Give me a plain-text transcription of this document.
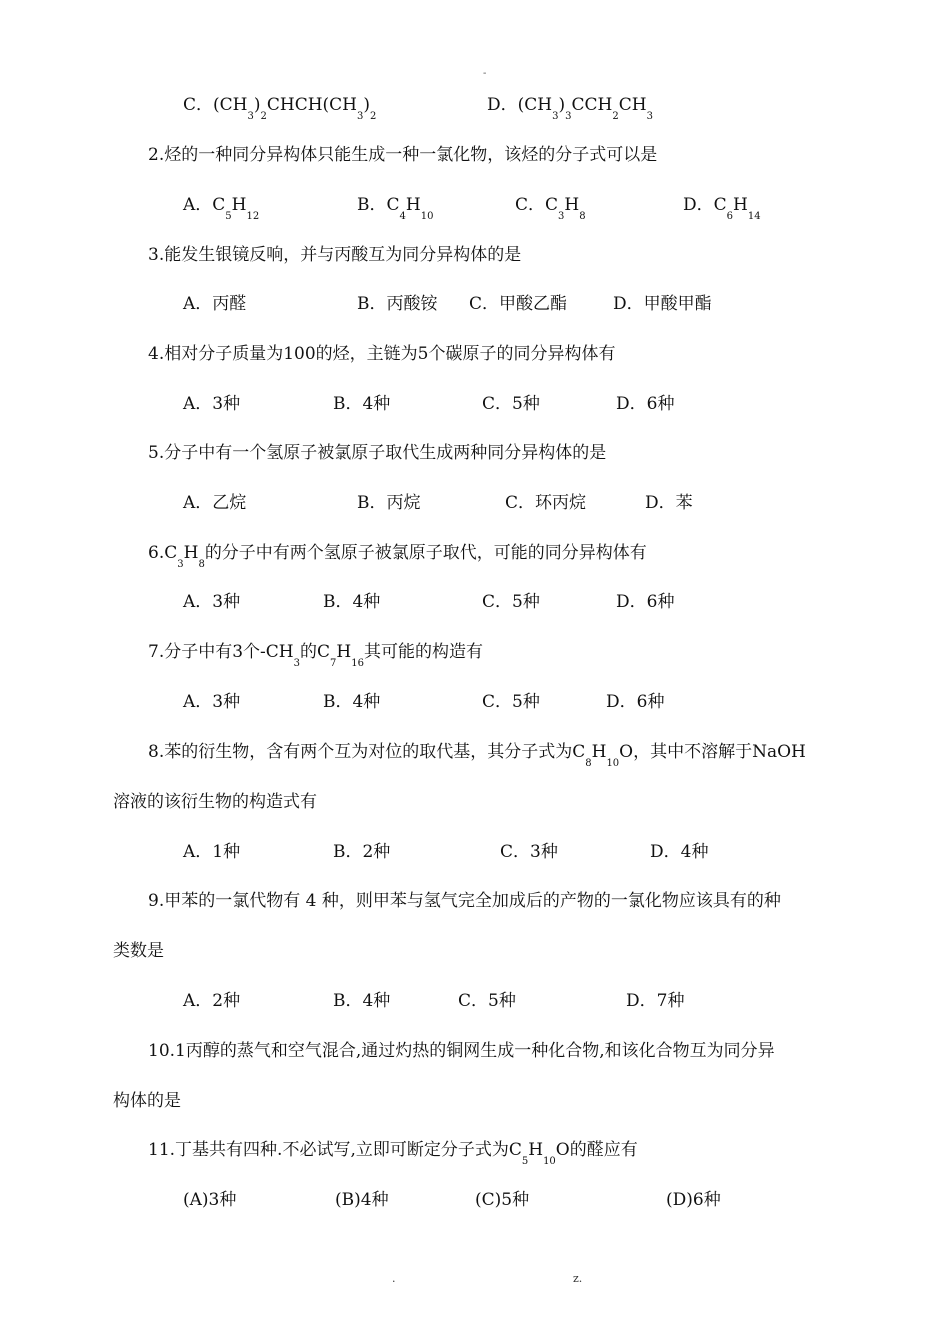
-
C．$(CH_3)_2CHCH(CH_3)_2$
D．$(CH_3)_3CCH_2CH_3$
2.烃的一种同分异构体只能生成一种一氯化物，该烃的分子式可以是
A．$C_5H_{12}$
B．$C_4H_{10}$
C．$C_3H_8$
D．$C_6H_{14}$
3.能发生银镜反响，并与丙酸互为同分异构体的是
A．丙醛	B．丙酸铵 C．甲酸乙酯	D．甲酸甲酯
4.相对分子质量为100的烃，主链为5个碳原子的同分异构体有
A．3种	B．4种	C．5种	D．6种
5.分子中有一个氢原子被氯原子取代生成两种同分异构体的是
A．乙烷	B．丙烷	C．环丙烷	D．苯
$6.C_3H_8$的分子中有两个氢原子被氯原子取代，可能的同分异构体有
A．3种	B．4种	C．5种	D．6种
7.分子中有3个$-CH_3$的$C_7H_{16}$其可能的构造有
A．3种	B．4种	C．5种	D．6种
8.苯的衍生物，含有两个互为对位的取代基，其分子式为$C_8H_{10}O$，其中不溶解于NaOH
溶液的该衍生物的构造式有
A．1种	B．2种	C．3种	D．4种
9.甲苯的一氯代物有 4 种，则甲苯与氢气完全加成后的产物的一氯化物应该具有的种
类数是
A．2种	B．4种	C．5种	D．7种
10.1丙醇的蒸气和空气混合,通过灼热的铜网生成一种化合物,和该化合物互为同分异
构体的是
11.丁基共有四种.不必试写,立即可断定分子式为$C_5H_{10}O$的醛应有
(A)3种	(B)4种	(C)5种	(D)6种
.	z.
